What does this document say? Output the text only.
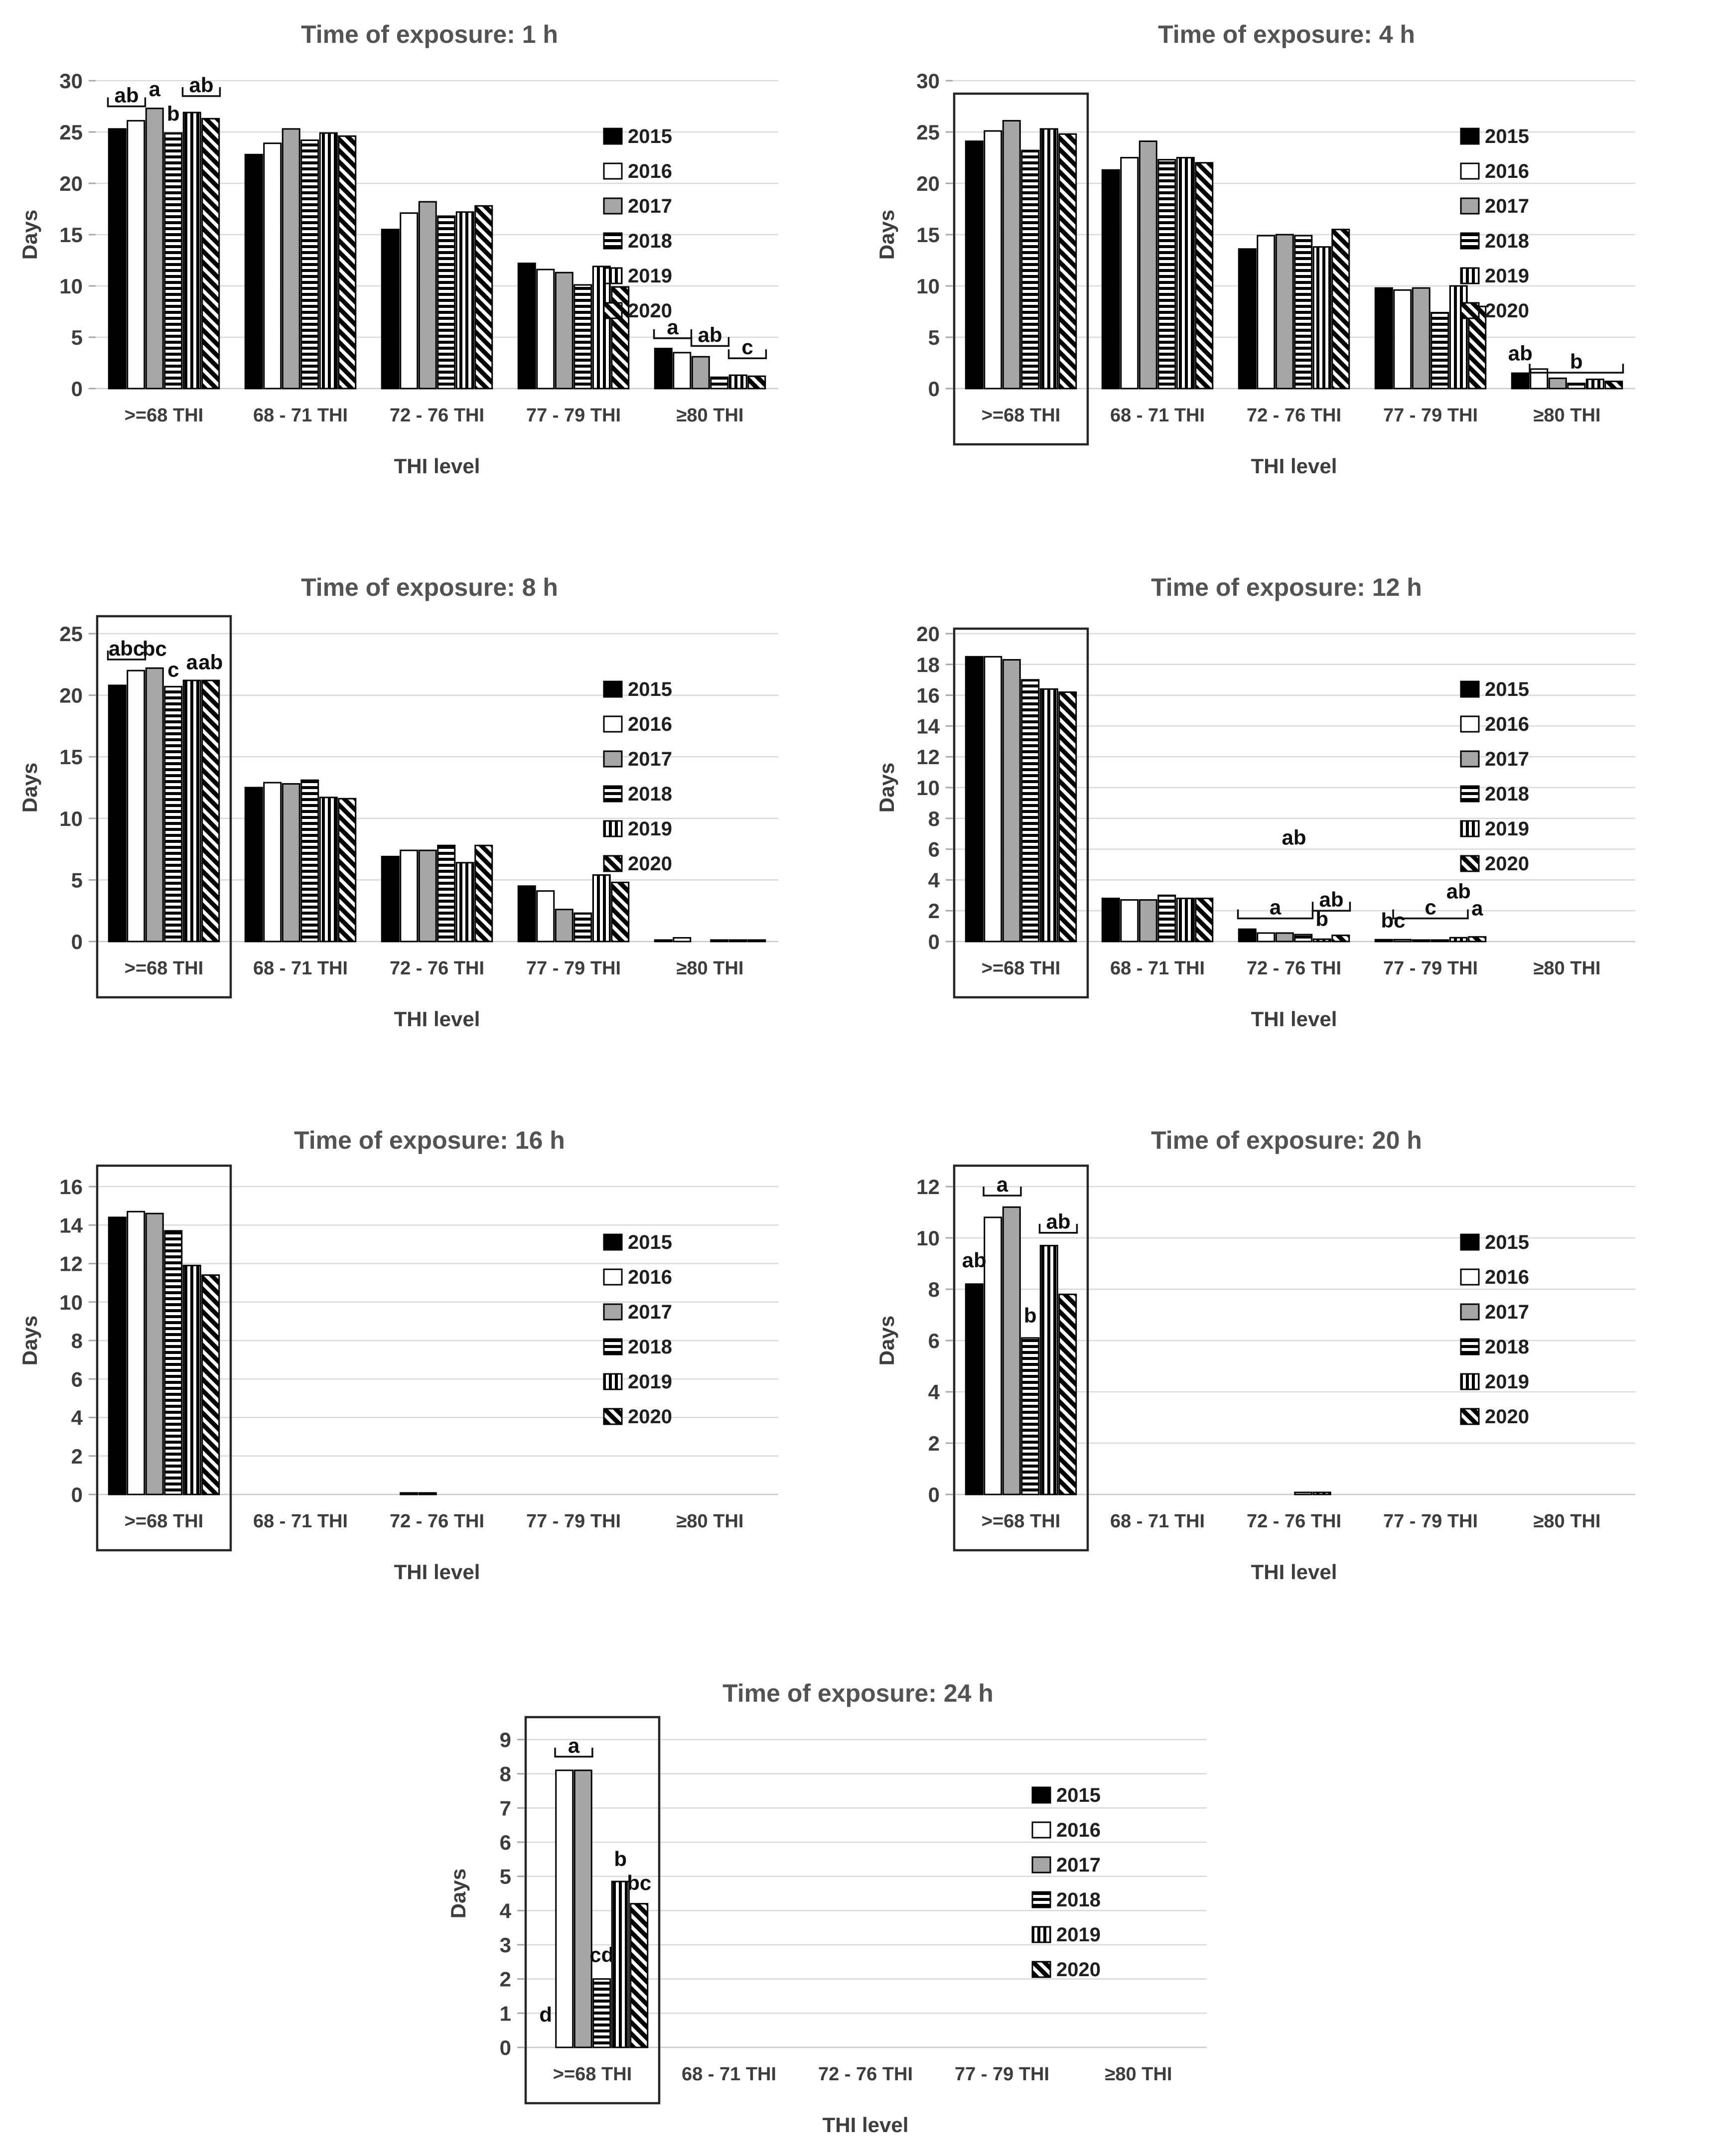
0
5
10
15
20
25
30
Time of exposure: 1 h
Days
THI level
>=68 THI	68 - 71 THI 72 - 76 THI 77 - 79 THI	≥80 THI
ab a
b
ab
a ab
c
2015
2016
2017
2018
2019
2020
0
5
10
15
20
25
30
Time of exposure: 4 h
Days
THI level
>=68 THI	68 - 71 THI 72 - 76 THI 77 - 79 THI	≥80 THI
ab b
2015
2016
2017
2018
2019
2020
0
5
10
15
20
25
Time of exposure: 8 h
Days
THI level
>=68 THI	68 - 71 THI 72 - 76 THI 77 - 79 THI	≥80 THI
abc
bc
c a ab
2015
2016
2017
2018
2019
2020
0
2
4
6
8
10
12
14
16
18
20
Time of exposure: 12 h
Days
THI level
>=68 THI	68 - 71 THI 72 - 76 THI 77 - 79 THI	≥80 THI
ab
a b
ab
bc
c
ab
a
2015
2016
2017
2018
2019
2020
0
2
4
6
8
10
12
14
16
Time of exposure: 16 h
Days
THI level
>=68 THI	68 - 71 THI 72 - 76 THI 77 - 79 THI	≥80 THI
2015
2016
2017
2018
2019
2020
0
2
4
6
8
10
12
Time of exposure: 20 h
Days
THI level
>=68 THI	68 - 71 THI 72 - 76 THI 77 - 79 THI	≥80 THI
ab
a
b
ab
2015
2016
2017
2018
2019
2020
0
1
2
3
4
5
6
7
8
9
Time of exposure: 24 h
Days
THI level
>=68 THI	68 - 71 THI 72 - 76 THI 77 - 79 THI	≥80 THI
d
a
cd
b
bc
2015
2016
2017
2018
2019
2020
